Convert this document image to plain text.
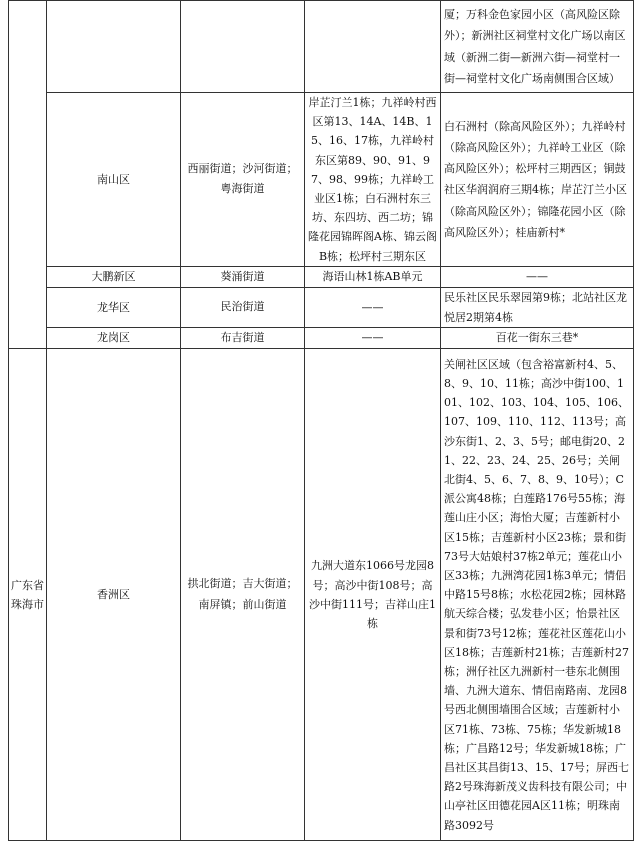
				厦；万科金色家园小区（高风险区除外）；新洲社区祠堂村文化广场以南区域（新洲二街—新洲六街—祠堂村一街—祠堂村文化广场南侧围合区域）
	南山区	西丽街道；沙河街道；粤海街道	岸芷汀兰1栋；九祥岭村西区第13、14A、14B、15、16、17栋，九祥岭村东区第89、90、91、97、98、99栋；九祥岭工业区1栋；白石洲村东三坊、东四坊、西二坊；锦隆花园锦晖阁A栋、锦云阁B栋；松坪村三期东区	白石洲村（除高风险区外）；九祥岭村（除高风险区外）；九祥岭工业区（除高风险区外）；松坪村三期西区；铜鼓社区华润润府三期4栋；岸芷汀兰小区（除高风险区外）；锦隆花园小区（除高风险区外）；桂庙新村*
	大鹏新区	葵涌街道	海语山林1栋AB单元	——
	龙华区	民治街道	——	民乐社区民乐翠园第9栋；北站社区龙悦居2期第4栋
	龙岗区	布吉街道	——	百花一街东三巷*
广东省珠海市	香洲区	拱北街道；吉大街道；南屏镇；前山街道	九洲大道东1066号龙园8号；高沙中街108号；高沙中街111号；吉祥山庄1栋	关闸社区区域（包含裕富新村4、5、8、9、10、11栋；高沙中街100、101、102、103、104、105、106、107、109、110、112、113号；高沙东街1、2、3、5号；邮电街20、21、22、23、24、25、26号；关闸北街4、5、6、7、8、9、10号）；C派公寓48栋；白莲路176号55栋；海莲山庄小区；海怡大厦；吉莲新村小区15栋；吉莲新村小区23栋；景和街73号大姑娘村37栋2单元；莲花山小区33栋；九洲湾花园1栋3单元；情侣中路15号8栋；水松花园2栋；园林路航天综合楼；弘发巷小区；怡景社区景和街73号12栋；莲花社区莲花山小区18栋；吉莲新村21栋；吉莲新村27栋；洲仔社区九洲新村一巷东北侧围墙、九洲大道东、情侣南路南、龙园8号西北侧围墙围合区域；吉莲新村小区71栋、73栋、75栋；华发新城18栋；广昌路12号；华发新城18栋；广昌社区其昌街13、15、17号；屏西七路2号珠海新茂义齿科技有限公司；中山亭社区田德花园A区11栋；明珠南路3092号
